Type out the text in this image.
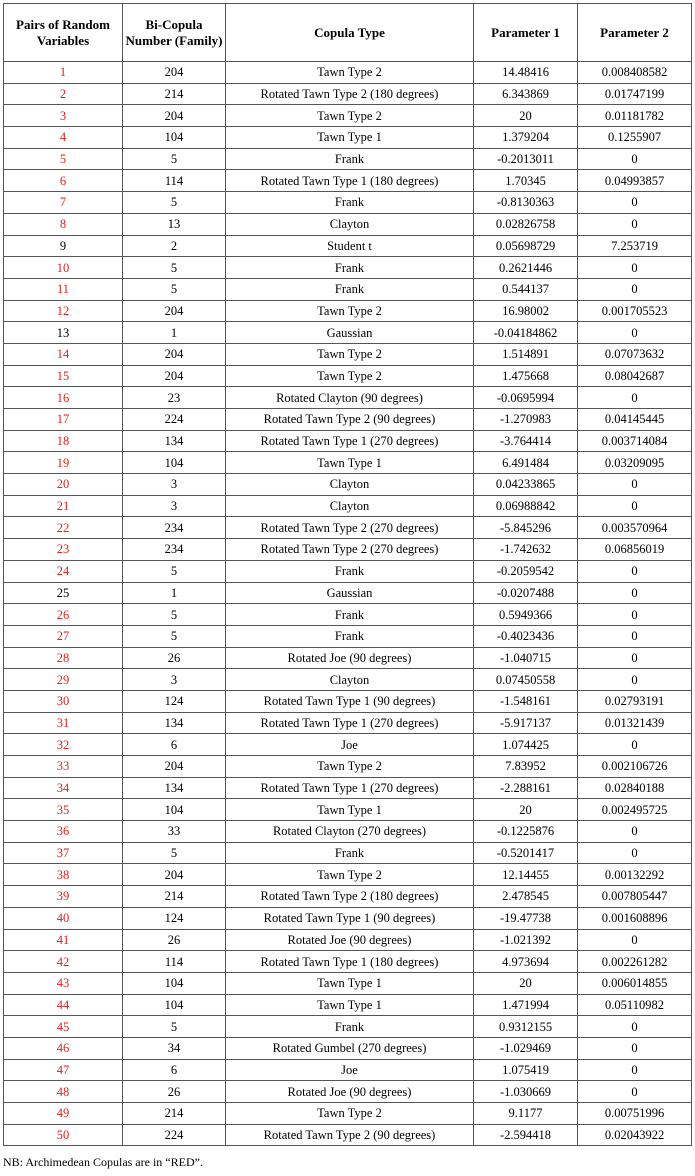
Pairs of Random Variables	Bi-Copula Number (Family)	Copula Type	Parameter 1	Parameter 2
1	204	Tawn Type 2	14.48416	0.008408582
2	214	Rotated Tawn Type 2 (180 degrees)	6.343869	0.01747199
3	204	Tawn Type 2	20	0.01181782
4	104	Tawn Type 1	1.379204	0.1255907
5	5	Frank	-0.2013011	0
6	114	Rotated Tawn Type 1 (180 degrees)	1.70345	0.04993857
7	5	Frank	-0.8130363	0
8	13	Clayton	0.02826758	0
9	2	Student t	0.05698729	7.253719
10	5	Frank	0.2621446	0
11	5	Frank	0.544137	0
12	204	Tawn Type 2	16.98002	0.001705523
13	1	Gaussian	-0.04184862	0
14	204	Tawn Type 2	1.514891	0.07073632
15	204	Tawn Type 2	1.475668	0.08042687
16	23	Rotated Clayton (90 degrees)	-0.0695994	0
17	224	Rotated Tawn Type 2 (90 degrees)	-1.270983	0.04145445
18	134	Rotated Tawn Type 1 (270 degrees)	-3.764414	0.003714084
19	104	Tawn Type 1	6.491484	0.03209095
20	3	Clayton	0.04233865	0
21	3	Clayton	0.06988842	0
22	234	Rotated Tawn Type 2 (270 degrees)	-5.845296	0.003570964
23	234	Rotated Tawn Type 2 (270 degrees)	-1.742632	0.06856019
24	5	Frank	-0.2059542	0
25	1	Gaussian	-0.0207488	0
26	5	Frank	0.5949366	0
27	5	Frank	-0.4023436	0
28	26	Rotated Joe (90 degrees)	-1.040715	0
29	3	Clayton	0.07450558	0
30	124	Rotated Tawn Type 1 (90 degrees)	-1.548161	0.02793191
31	134	Rotated Tawn Type 1 (270 degrees)	-5.917137	0.01321439
32	6	Joe	1.074425	0
33	204	Tawn Type 2	7.83952	0.002106726
34	134	Rotated Tawn Type 1 (270 degrees)	-2.288161	0.02840188
35	104	Tawn Type 1	20	0.002495725
36	33	Rotated Clayton (270 degrees)	-0.1225876	0
37	5	Frank	-0.5201417	0
38	204	Tawn Type 2	12.14455	0.00132292
39	214	Rotated Tawn Type 2 (180 degrees)	2.478545	0.007805447
40	124	Rotated Tawn Type 1 (90 degrees)	-19.47738	0.001608896
41	26	Rotated Joe (90 degrees)	-1.021392	0
42	114	Rotated Tawn Type 1 (180 degrees)	4.973694	0.002261282
43	104	Tawn Type 1	20	0.006014855
44	104	Tawn Type 1	1.471994	0.05110982
45	5	Frank	0.9312155	0
46	34	Rotated Gumbel (270 degrees)	-1.029469	0
47	6	Joe	1.075419	0
48	26	Rotated Joe (90 degrees)	-1.030669	0
49	214	Tawn Type 2	9.1177	0.00751996
50	224	Rotated Tawn Type 2 (90 degrees)	-2.594418	0.02043922
NB: Archimedean Copulas are in “RED”.
